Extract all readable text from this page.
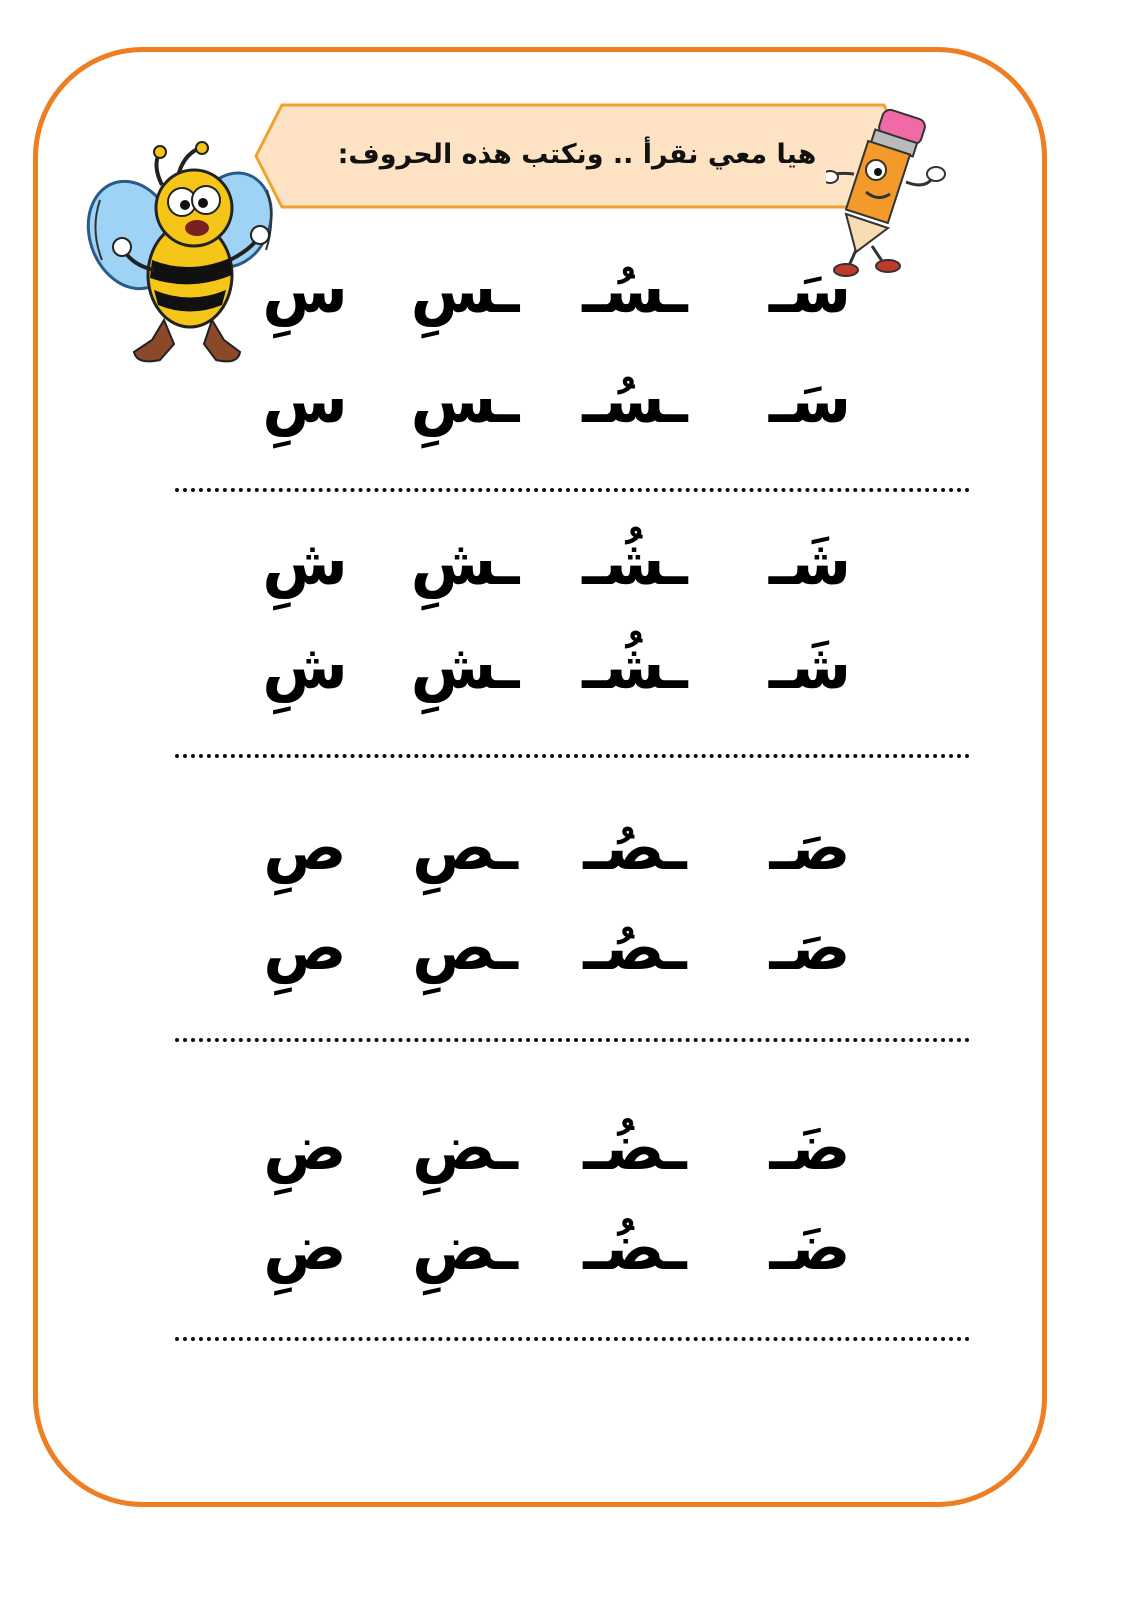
هيا معي نقرأ .. ونكتب هذه الحروف:
سَـ
ـسُـ
ـسِ
سِ
سَـ
ـسُـ
ـسِ
سِ
شَـ
ـشُـ
ـشِ
شِ
شَـ
ـشُـ
ـشِ
شِ
صَـ
ـصُـ
ـصِ
صِ
صَـ
ـصُـ
ـصِ
صِ
ضَـ
ـضُـ
ـضِ
ضِ
ضَـ
ـضُـ
ـضِ
ضِ
